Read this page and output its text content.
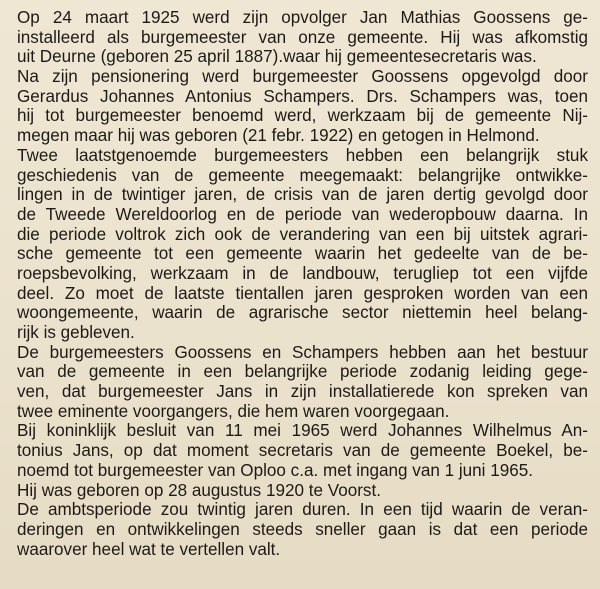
Op 24 maart 1925 werd zijn opvolger Jan Mathias Goossens ge-
installeerd als burgemeester van onze gemeente. Hij was afkomstig
uit Deurne (geboren 25 april 1887).waar hij gemeentesecretaris was.
Na zijn pensionering werd burgemeester Goossens opgevolgd door
Gerardus Johannes Antonius Schampers. Drs. Schampers was, toen
hij tot burgemeester benoemd werd, werkzaam bij de gemeente Nij-
megen maar hij was geboren (21 febr. 1922) en getogen in Helmond.
Twee laatstgenoemde burgemeesters hebben een belangrijk stuk
geschiedenis van de gemeente meegemaakt: belangrijke ontwikke-
lingen in de twintiger jaren, de crisis van de jaren dertig gevolgd door
de Tweede Wereldoorlog en de periode van wederopbouw daarna. In
die periode voltrok zich ook de verandering van een bij uitstek agrari-
sche gemeente tot een gemeente waarin het gedeelte van de be-
roepsbevolking, werkzaam in de landbouw, terugliep tot een vijfde
deel. Zo moet de laatste tientallen jaren gesproken worden van een
woongemeente, waarin de agrarische sector niettemin heel belang-
rijk is gebleven.
De burgemeesters Goossens en Schampers hebben aan het bestuur
van de gemeente in een belangrijke periode zodanig leiding gege-
ven, dat burgemeester Jans in zijn installatierede kon spreken van
twee eminente voorgangers, die hem waren voorgegaan.
Bij koninklijk besluit van 11 mei 1965 werd Johannes Wilhelmus An-
tonius Jans, op dat moment secretaris van de gemeente Boekel, be-
noemd tot burgemeester van Oploo c.a. met ingang van 1 juni 1965.
Hij was geboren op 28 augustus 1920 te Voorst.
De ambtsperiode zou twintig jaren duren. In een tijd waarin de veran-
deringen en ontwikkelingen steeds sneller gaan is dat een periode
waarover heel wat te vertellen valt.
